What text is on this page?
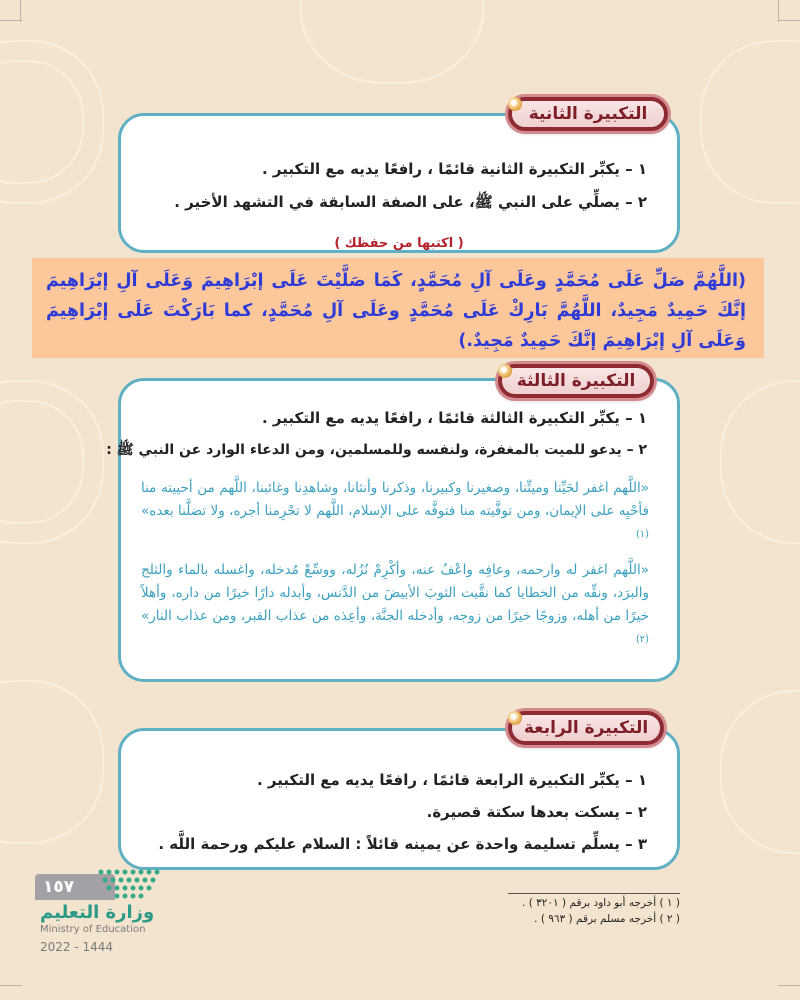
١ – يكبِّر التكبيرة الثانية قائمًا ، رافعًا يديه مع التكبير .
٢ – يصلِّي على النبي ﷺ، على الصفة السابقة في التشهد الأخير .
( اكتبها من حفظك )
التكبيرة الثانية
(اللَّهُمَّ صَلِّ عَلَى مُحَمَّدٍ وعَلَى آلِ مُحَمَّدٍ، كَمَا صَلَّيْتَ عَلَى إبْرَاهِيمَ وَعَلَى آلِ إبْرَاهِيمَ إنَّكَ حَمِيدٌ مَجِيدٌ، اللَّهُمَّ بَارِكْ عَلَى مُحَمَّدٍ وعَلَى آلِ مُحَمَّدٍ، كما بَارَكْتَ عَلَى إبْرَاهِيمَ وَعَلَى آلِ إبْرَاهِيمَ إنَّكَ حَمِيدٌ مَجِيدٌ.)
١ – يكبِّر التكبيرة الثالثة قائمًا ، رافعًا يديه مع التكبير .
٢ – يدعو للميت بالمغفرة، ولنفسه وللمسلمين، ومن الدعاء الوارد عن النبي ﷺ :
«اللَّهم اغفر لحَيِّنا وميتِّنا، وصغيرنا وكبيرنا، وذكرنا وأنثانا، وشاهدِنا وغائبنا، اللَّهم من أحييته منا فأحْيِه على الإيمان، ومن توفَّيته منا فتوفَّه على الإسلام، اللَّهم لا تحْرِمنا أجره، ولا تضلَّنا بعده» $^{(١)}$
«اللَّهم اغفر له وارحمه، وعافِه واعْفُ عنه، وأكْرِمْ نُزُله، ووسِّعْ مُدخله، واغسله بالماء والثلج والبرَد، ونقِّه من الخطايا كما نقَّيت الثوبَ الأبيضَ من الدَّنس، وأبدله دارًا خيرًا من داره، وأهلاً خيرًا من أهله، وزوجًا خيرًا من زوجه، وأدخله الجنَّة، وأعِذه من عذاب القبر، ومن عذاب النار» $^{(٢)}$
التكبيرة الثالثة
١ – يكبِّر التكبيرة الرابعة قائمًا ، رافعًا يديه مع التكبير .
٢ – يسكت بعدها سكتة قصيرة.
٣ – يسلِّم تسليمة واحدة عن يمينه قائلاً : السلام عليكم ورحمة اللَّه .
التكبيرة الرابعة
( ١ ) أخرجه أبو داود برقم ( ٣٢٠١ ) .
( ٢ ) أخرجه مسلم برقم ( ٩٦٣ ) .
١٥٧
وزارة التعليم
Ministry of Education
2022 - 1444
